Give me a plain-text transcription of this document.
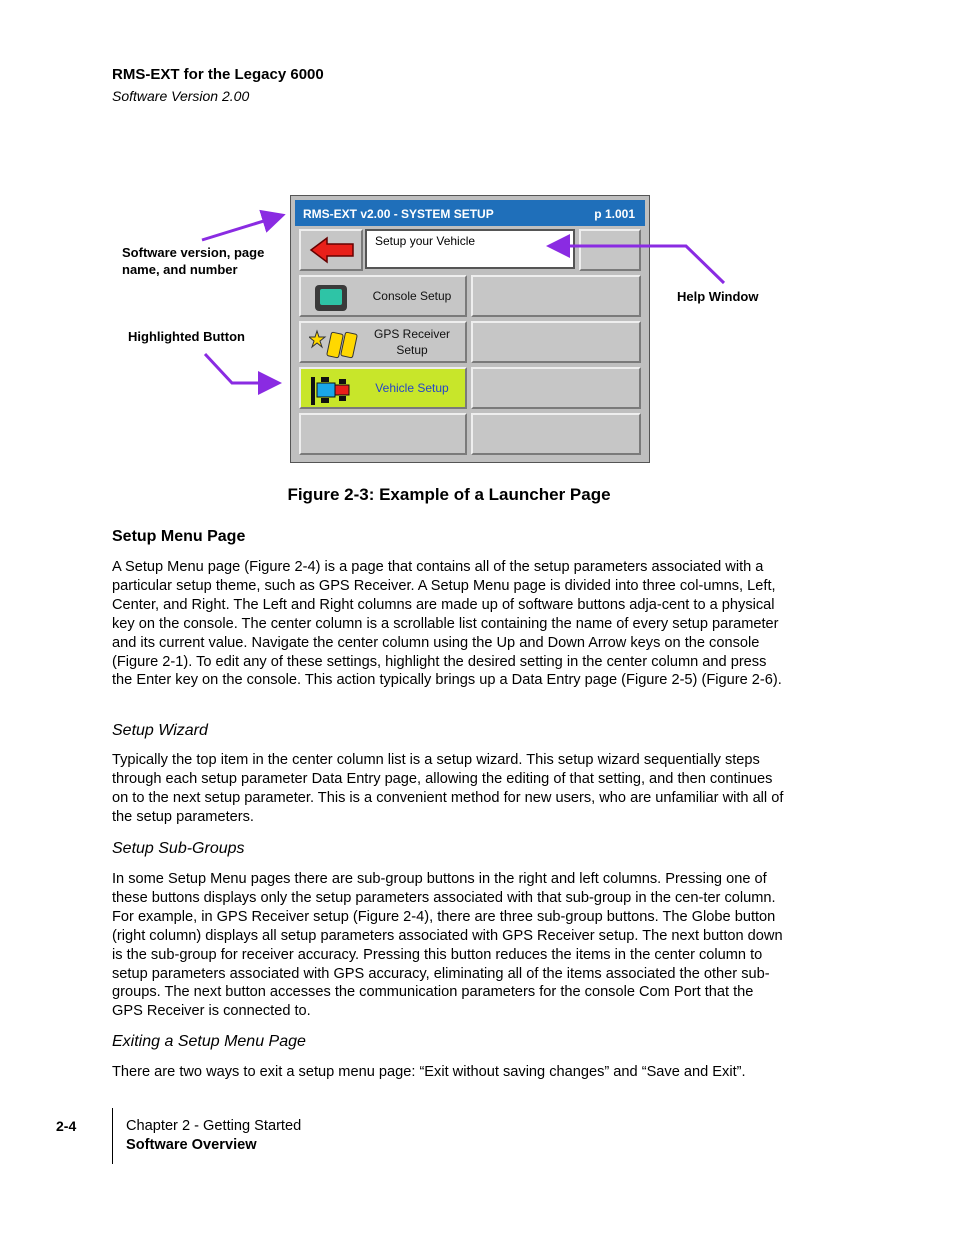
RMS-EXT for the Legacy 6000
Software Version 2.00
RMS-EXT v2.00 - SYSTEM SETUP	p 1.001
Setup your Vehicle
Console Setup
GPS Receiver Setup
Vehicle Setup
Software version, page name, and number
Highlighted Button
Help Window
Figure 2-3: Example of a Launcher Page
Setup Menu Page
A Setup Menu page (Figure 2-4) is a page that contains all of the setup parameters associated with a particular setup theme, such as GPS Receiver. A Setup Menu page is divided into three col-umns, Left, Center, and Right. The Left and Right columns are made up of software buttons adja-cent to a physical key on the console. The center column is a scrollable list containing the name of every setup parameter and its current value. Navigate the center column using the Up and Down Arrow keys on the console (Figure 2-1). To edit any of these settings, highlight the desired setting in the center column and press the Enter key on the console. This action typically brings up a Data Entry page (Figure 2-5) (Figure 2-6).
Setup Wizard
Typically the top item in the center column list is a setup wizard. This setup wizard sequentially steps through each setup parameter Data Entry page, allowing the editing of that setting, and then continues on to the next setup parameter. This is a convenient method for new users, who are unfamiliar with all of the setup parameters.
Setup Sub-Groups
In some Setup Menu pages there are sub-group buttons in the right and left columns. Pressing one of these buttons displays only the setup parameters associated with that sub-group in the cen-ter column. For example, in GPS Receiver setup (Figure 2-4), there are three sub-group buttons. The Globe button (right column) displays all setup parameters associated with GPS Receiver setup. The next button down is the sub-group for receiver accuracy. Pressing this button reduces the items in the center column to setup parameters associated with GPS accuracy, eliminating all of the items associated the other sub-groups. The next button accesses the communication parameters for the console Com Port that the GPS Receiver is connected to.
Exiting a Setup Menu Page
There are two ways to exit a setup menu page: “Exit without saving changes” and “Save and Exit”.
2-4	Chapter 2 - Getting Started
Software Overview
